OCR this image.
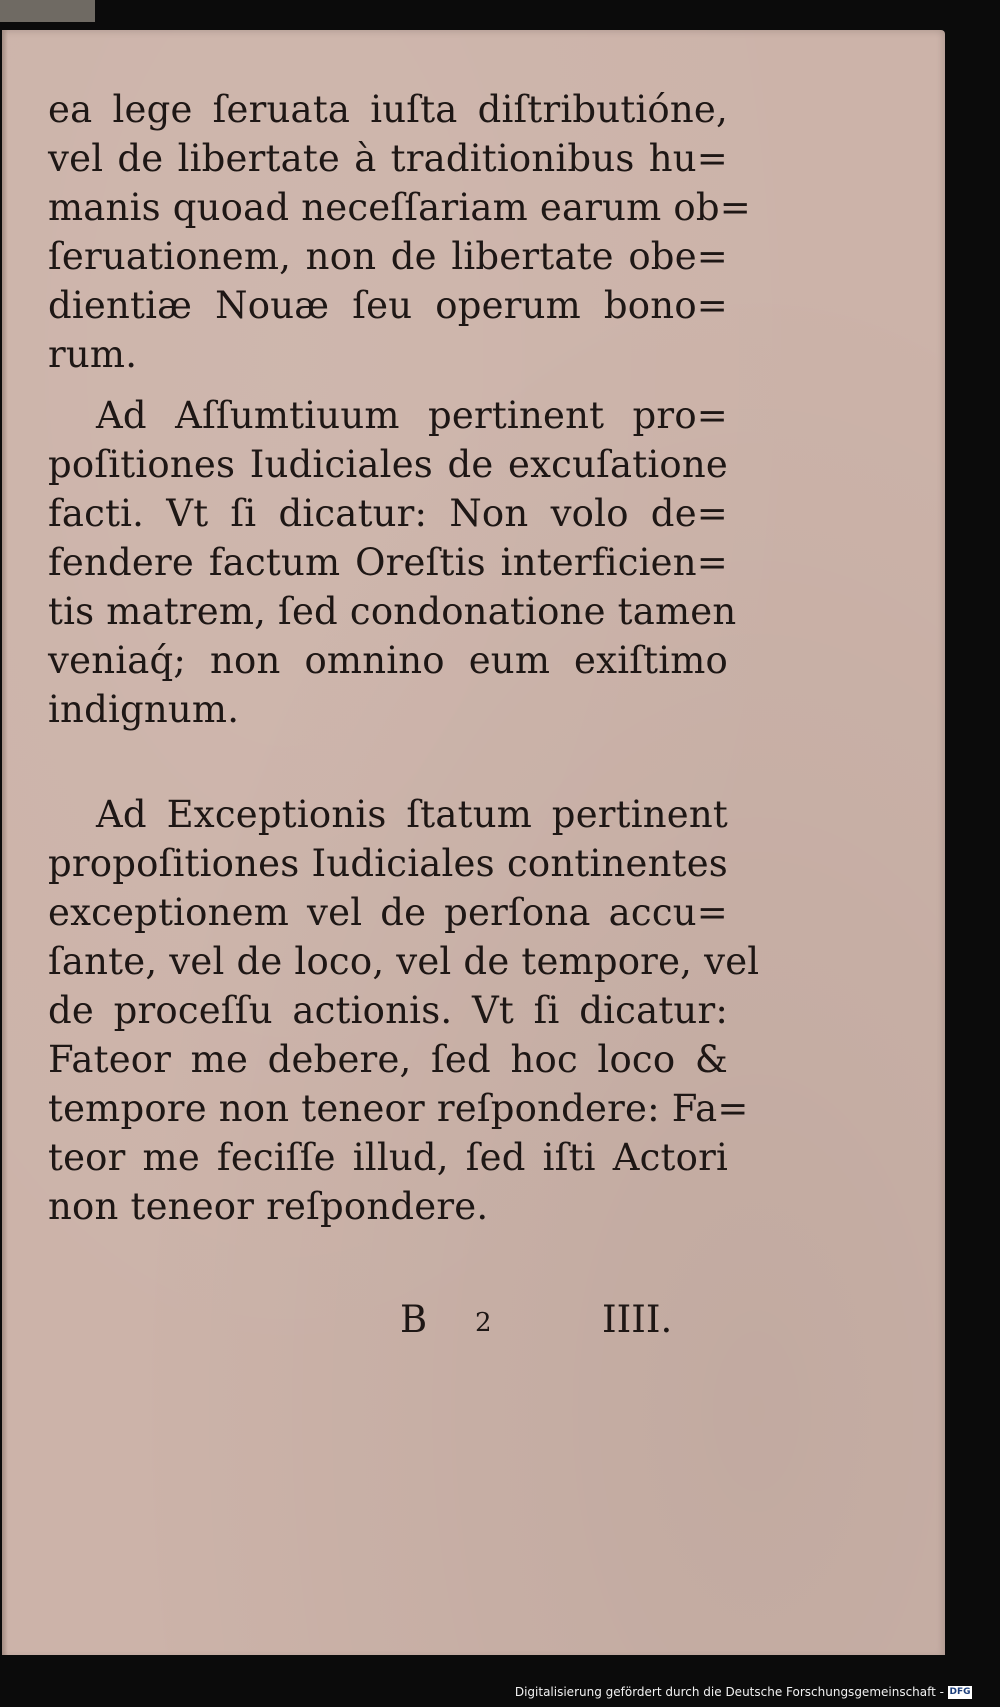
ea lege ſeruata iuſta diſtributióne,
vel de libertate à traditionibus hu=
manis quoad neceſſariam earum ob=
ſeruationem, non de libertate obe=
dientiæ Nouæ ſeu operum bono=
rum.
Ad Aſſumtiuum pertinent pro=
poſitiones Iudiciales de excuſatione
facti. Vt ſi dicatur: Non volo de=
fendere factum Oreſtis interficien=
tis matrem, ſed condonatione tamen
veniaq́; non omnino eum exiſtimo
indignum.
Ad Exceptionis ſtatum pertinent
propoſitiones Iudiciales continentes
exceptionem vel de perſona accu=
ſante, vel de loco, vel de tempore, vel
de proceſſu actionis. Vt ſi dicatur:
Fateor me debere, ſed hoc loco &
tempore non teneor reſpondere: Fa=
teor me feciſſe illud, ſed iſti Actori
non teneor reſpondere.
B 2	IIII.
Digitalisierung gefördert durch die Deutsche Forschungsgemeinschaft - DFG
